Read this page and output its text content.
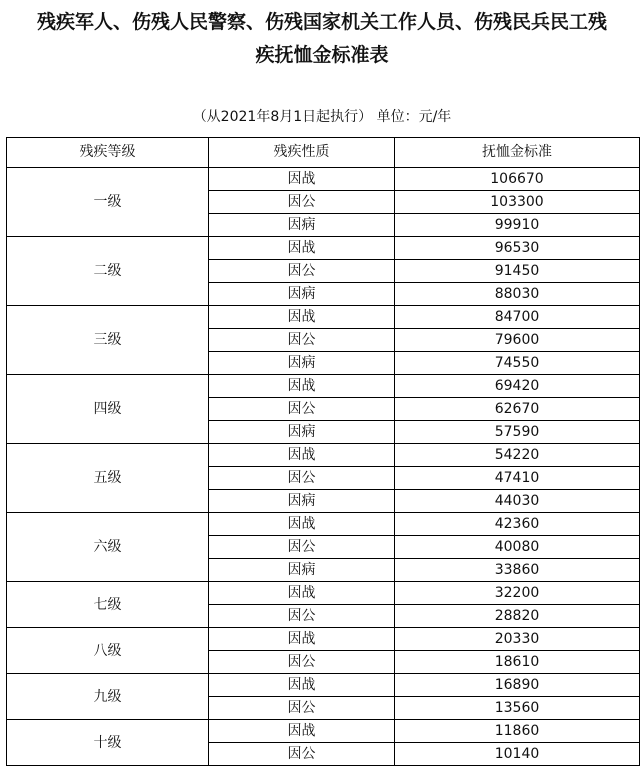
残疾军人、伤残人民警察、伤残国家机关工作人员、伤残民兵民工残
疾抚恤金标准表
（从2021年8月1日起执行） 单位：元/年
残疾等级	残疾性质	抚恤金标准
一级	因战	106670
	因公	103300
	因病	99910
二级	因战	96530
	因公	91450
	因病	88030
三级	因战	84700
	因公	79600
	因病	74550
四级	因战	69420
	因公	62670
	因病	57590
五级	因战	54220
	因公	47410
	因病	44030
六级	因战	42360
	因公	40080
	因病	33860
七级	因战	32200
	因公	28820
八级	因战	20330
	因公	18610
九级	因战	16890
	因公	13560
十级	因战	11860
	因公	10140
